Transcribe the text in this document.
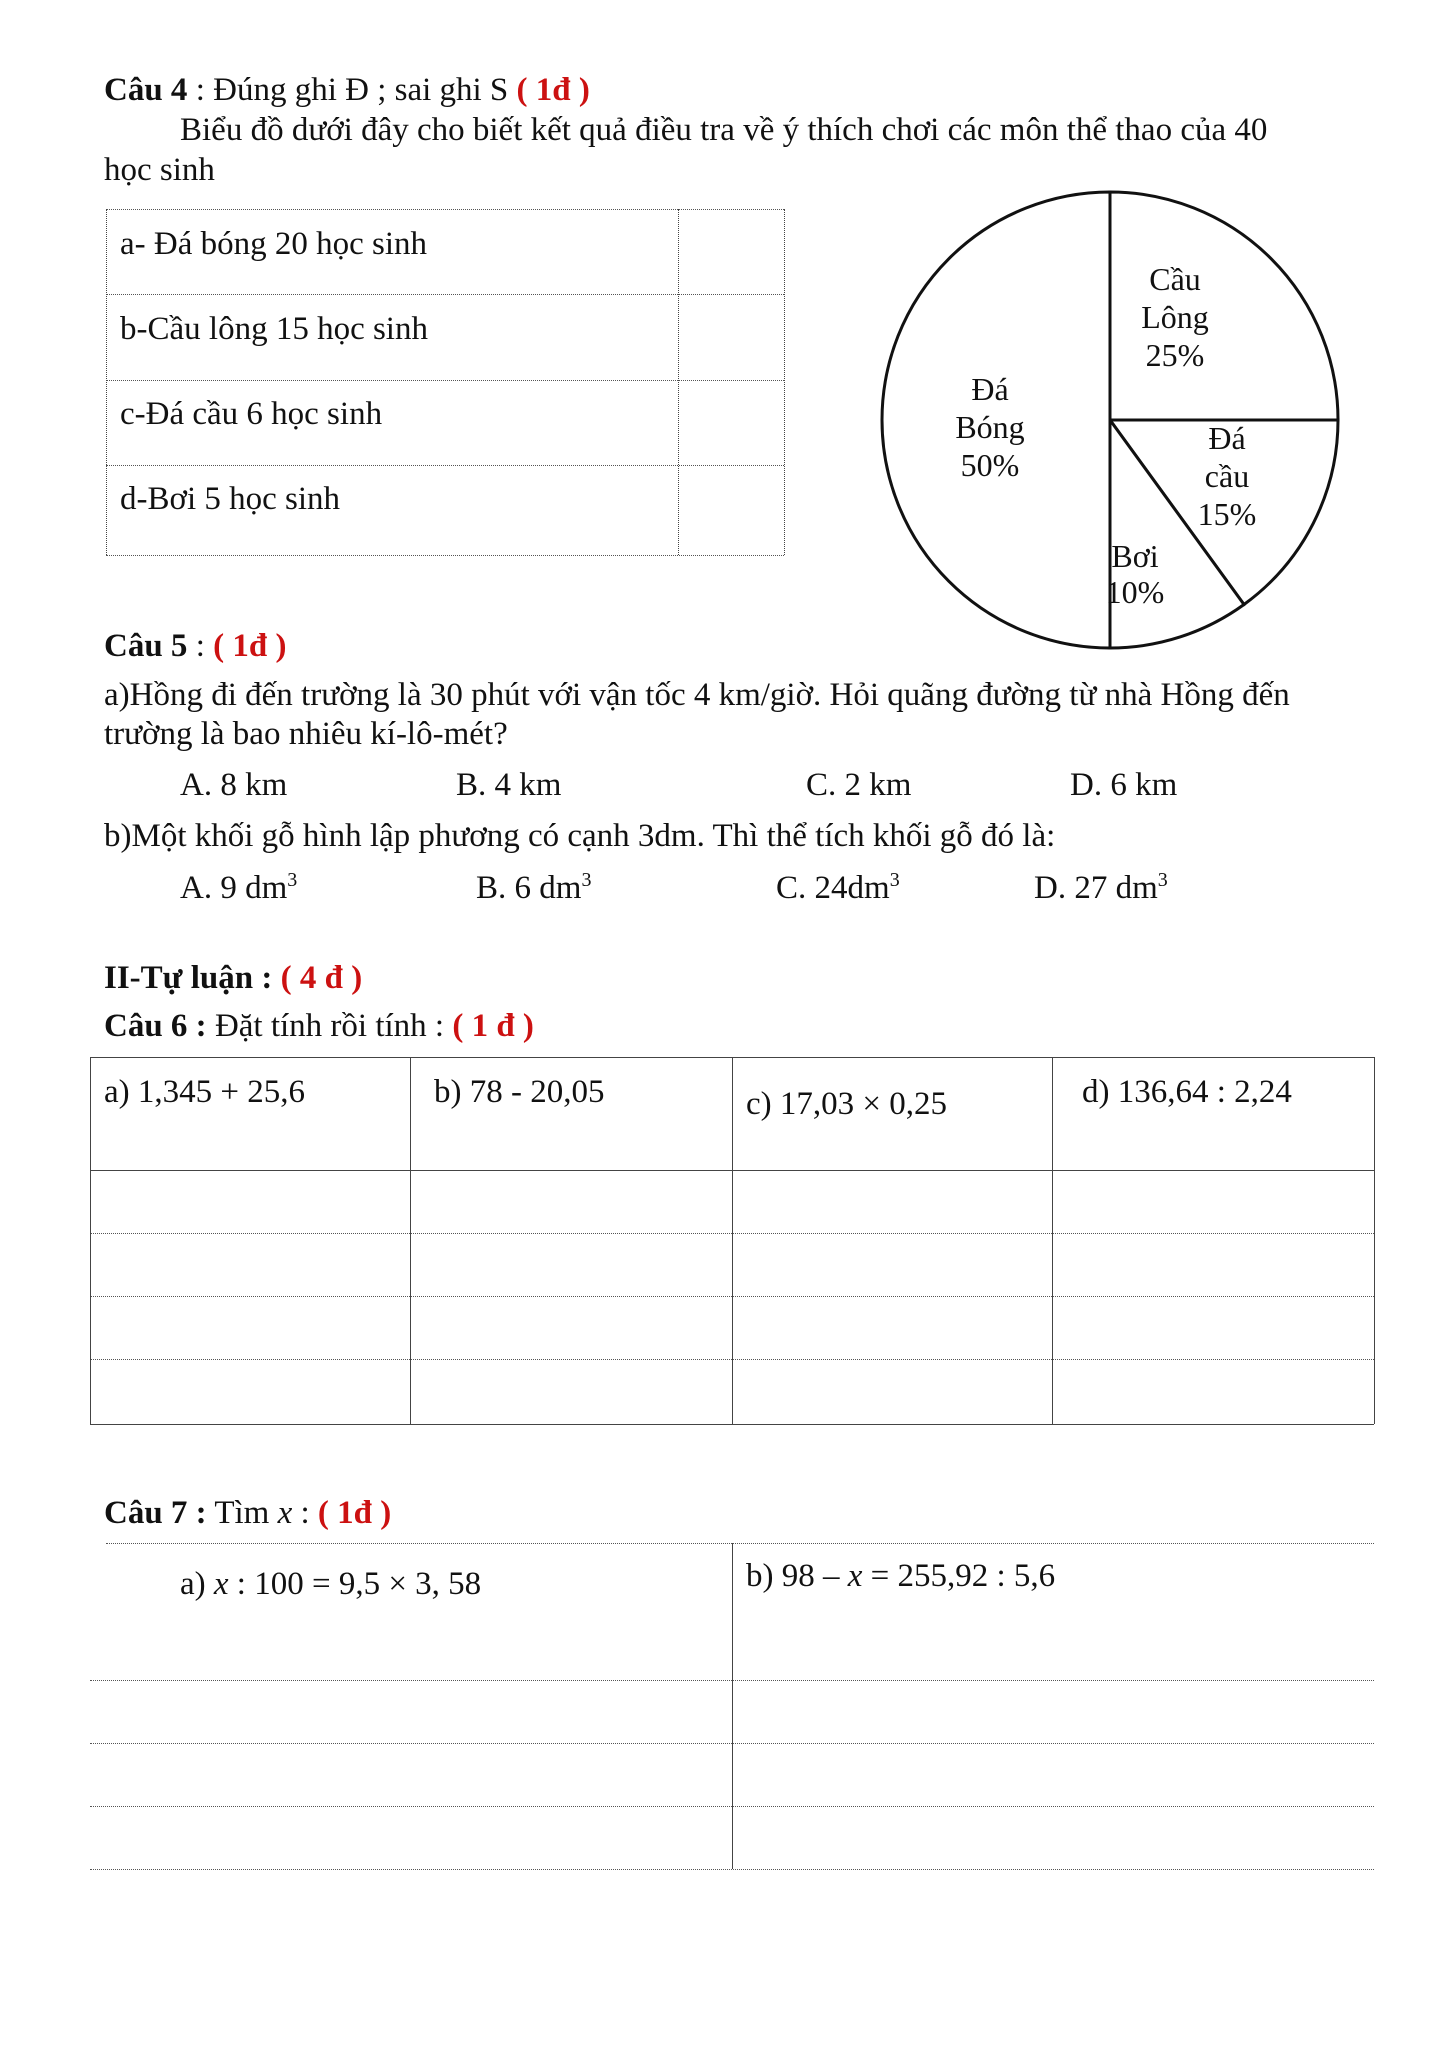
Câu 4 : Đúng ghi Đ ; sai ghi S ( 1đ )
Biểu đồ dưới đây cho biết kết quả điều tra về ý thích chơi các môn thể thao của 40
học sinh
a- Đá bóng 20 học sinh
b-Cầu lông 15 học sinh
c-Đá cầu 6 học sinh
d-Bơi 5 học sinh
Cầu
Lông
25%
Đá
cầu
15%
Bơi
10%
Đá
Bóng
50%
Câu 5 : ( 1đ )
a)Hồng đi đến trường là 30 phút với vận tốc 4 km/giờ. Hỏi quãng đường từ nhà Hồng đến
trường là bao nhiêu kí-lô-mét?
A. 8 km	B. 4 km	C. 2 km	D. 6 km
b)Một khối gỗ hình lập phương có cạnh 3dm. Thì thể tích khối gỗ đó là:
A. 9 $dm^3$	B. 6 $dm^3$	C. $24dm^3$	D. 27 $dm^3$
II-Tự luận : ( 4 đ )
Câu 6 : Đặt tính rồi tính : ( 1 đ )
a) 1,345 + 25,6	b) 78 - 20,05	c) 17,03 × 0,25	d) 136,64 : 2,24
Câu 7 : Tìm x : ( 1đ )
a) x : 100 = 9,5 × 3, 58	b) 98 – x = 255,92 : 5,6
